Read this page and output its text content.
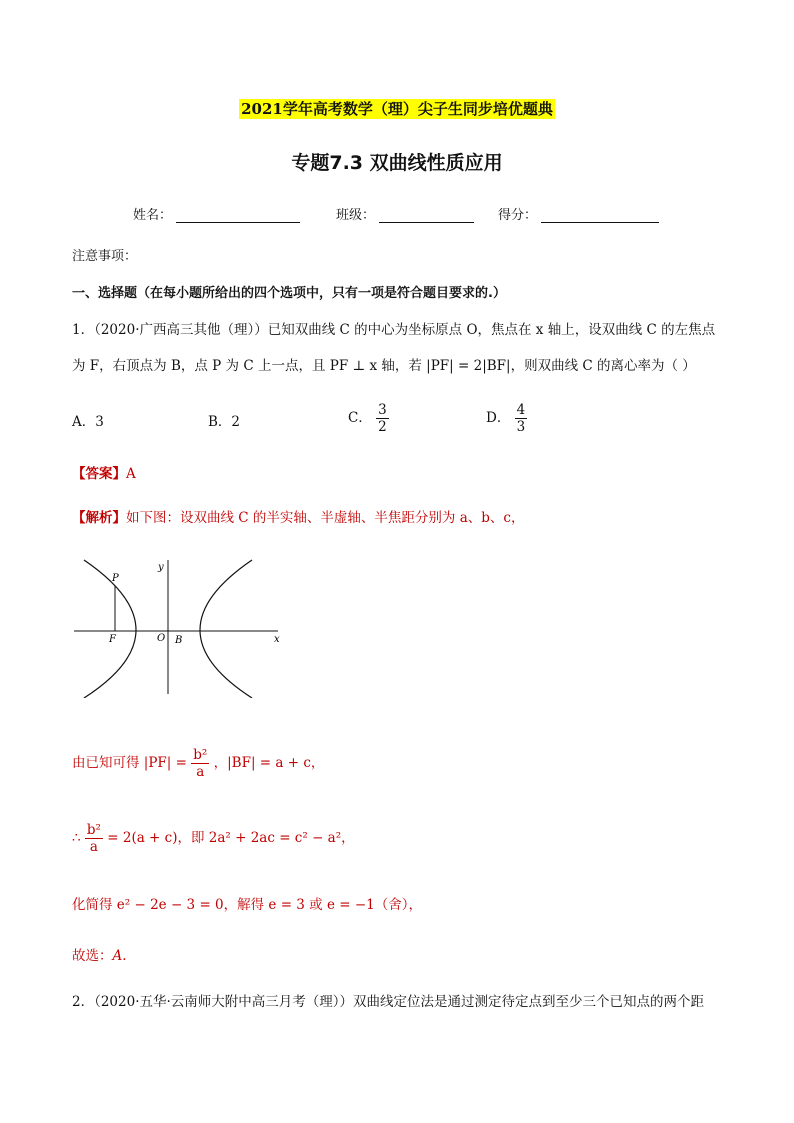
2021学年高考数学（理）尖子生同步培优题典
专题7.3 双曲线性质应用
姓名：	班级：	得分：
注意事项：
一、选择题（在每小题所给出的四个选项中，只有一项是符合题目要求的.）
1．（2020·广西高三其他（理））已知双曲线 C 的中心为坐标原点 O，焦点在 x 轴上，设双曲线 C 的左焦点
为 F，右顶点为 B，点 P 为 C 上一点，且 PF ⊥ x 轴，若 |PF| = 2|BF|，则双曲线 C 的离心率为（ ）
A．3	B．2	C． $\frac{3}{2}$	D． $\frac{4}{3}$
【答案】A
【解析】如下图：设双曲线 C 的半实轴、半虚轴、半焦距分别为 a、b、c，
P
F	O B
y
x
由已知可得 $|PF| = \frac{\text{b²}}{a}$ ，|BF| = a + c，
∴ $\frac{\text{b²}}{a} = 2(a + c)$，即 2a² + 2ac = c² − a²，
化简得 e² − 2e − 3 = 0，解得 e = 3 或 e = −1（舍），
故选：A.
2．（2020·五华·云南师大附中高三月考（理））双曲线定位法是通过测定待定点到至少三个已知点的两个距
